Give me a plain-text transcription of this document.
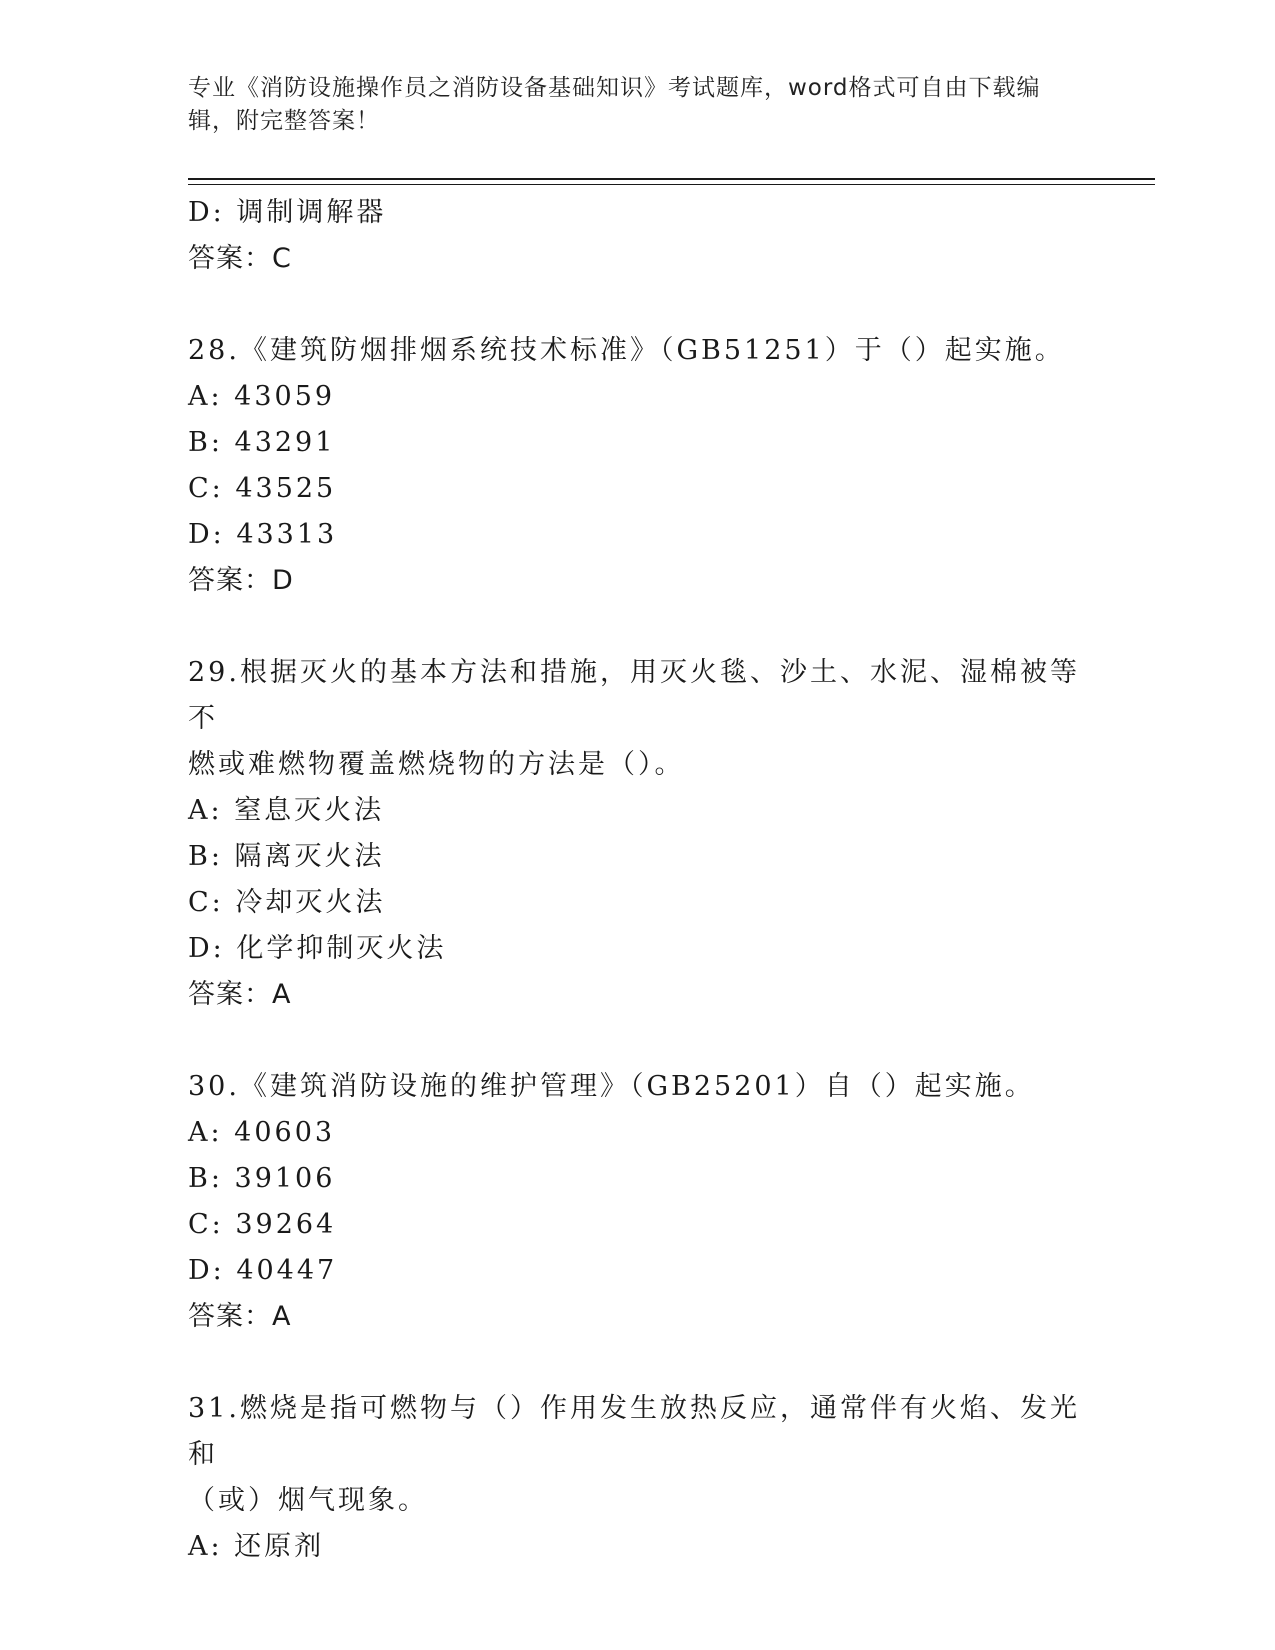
专业《消防设施操作员之消防设备基础知识》考试题库，word格式可自由下载编
辑，附完整答案！
D: 调制调解器
答案：C
28.《建筑防烟排烟系统技术标准》（GB51251）于（）起实施。
A: 43059
B: 43291
C: 43525
D: 43313
答案：D
29.根据灭火的基本方法和措施，用灭火毯、沙土、水泥、湿棉被等不
燃或难燃物覆盖燃烧物的方法是（）。
A: 窒息灭火法
B: 隔离灭火法
C: 冷却灭火法
D: 化学抑制灭火法
答案：A
30.《建筑消防设施的维护管理》（GB25201）自（）起实施。
A: 40603
B: 39106
C: 39264
D: 40447
答案：A
31.燃烧是指可燃物与（）作用发生放热反应，通常伴有火焰、发光和
（或）烟气现象。
A: 还原剂
